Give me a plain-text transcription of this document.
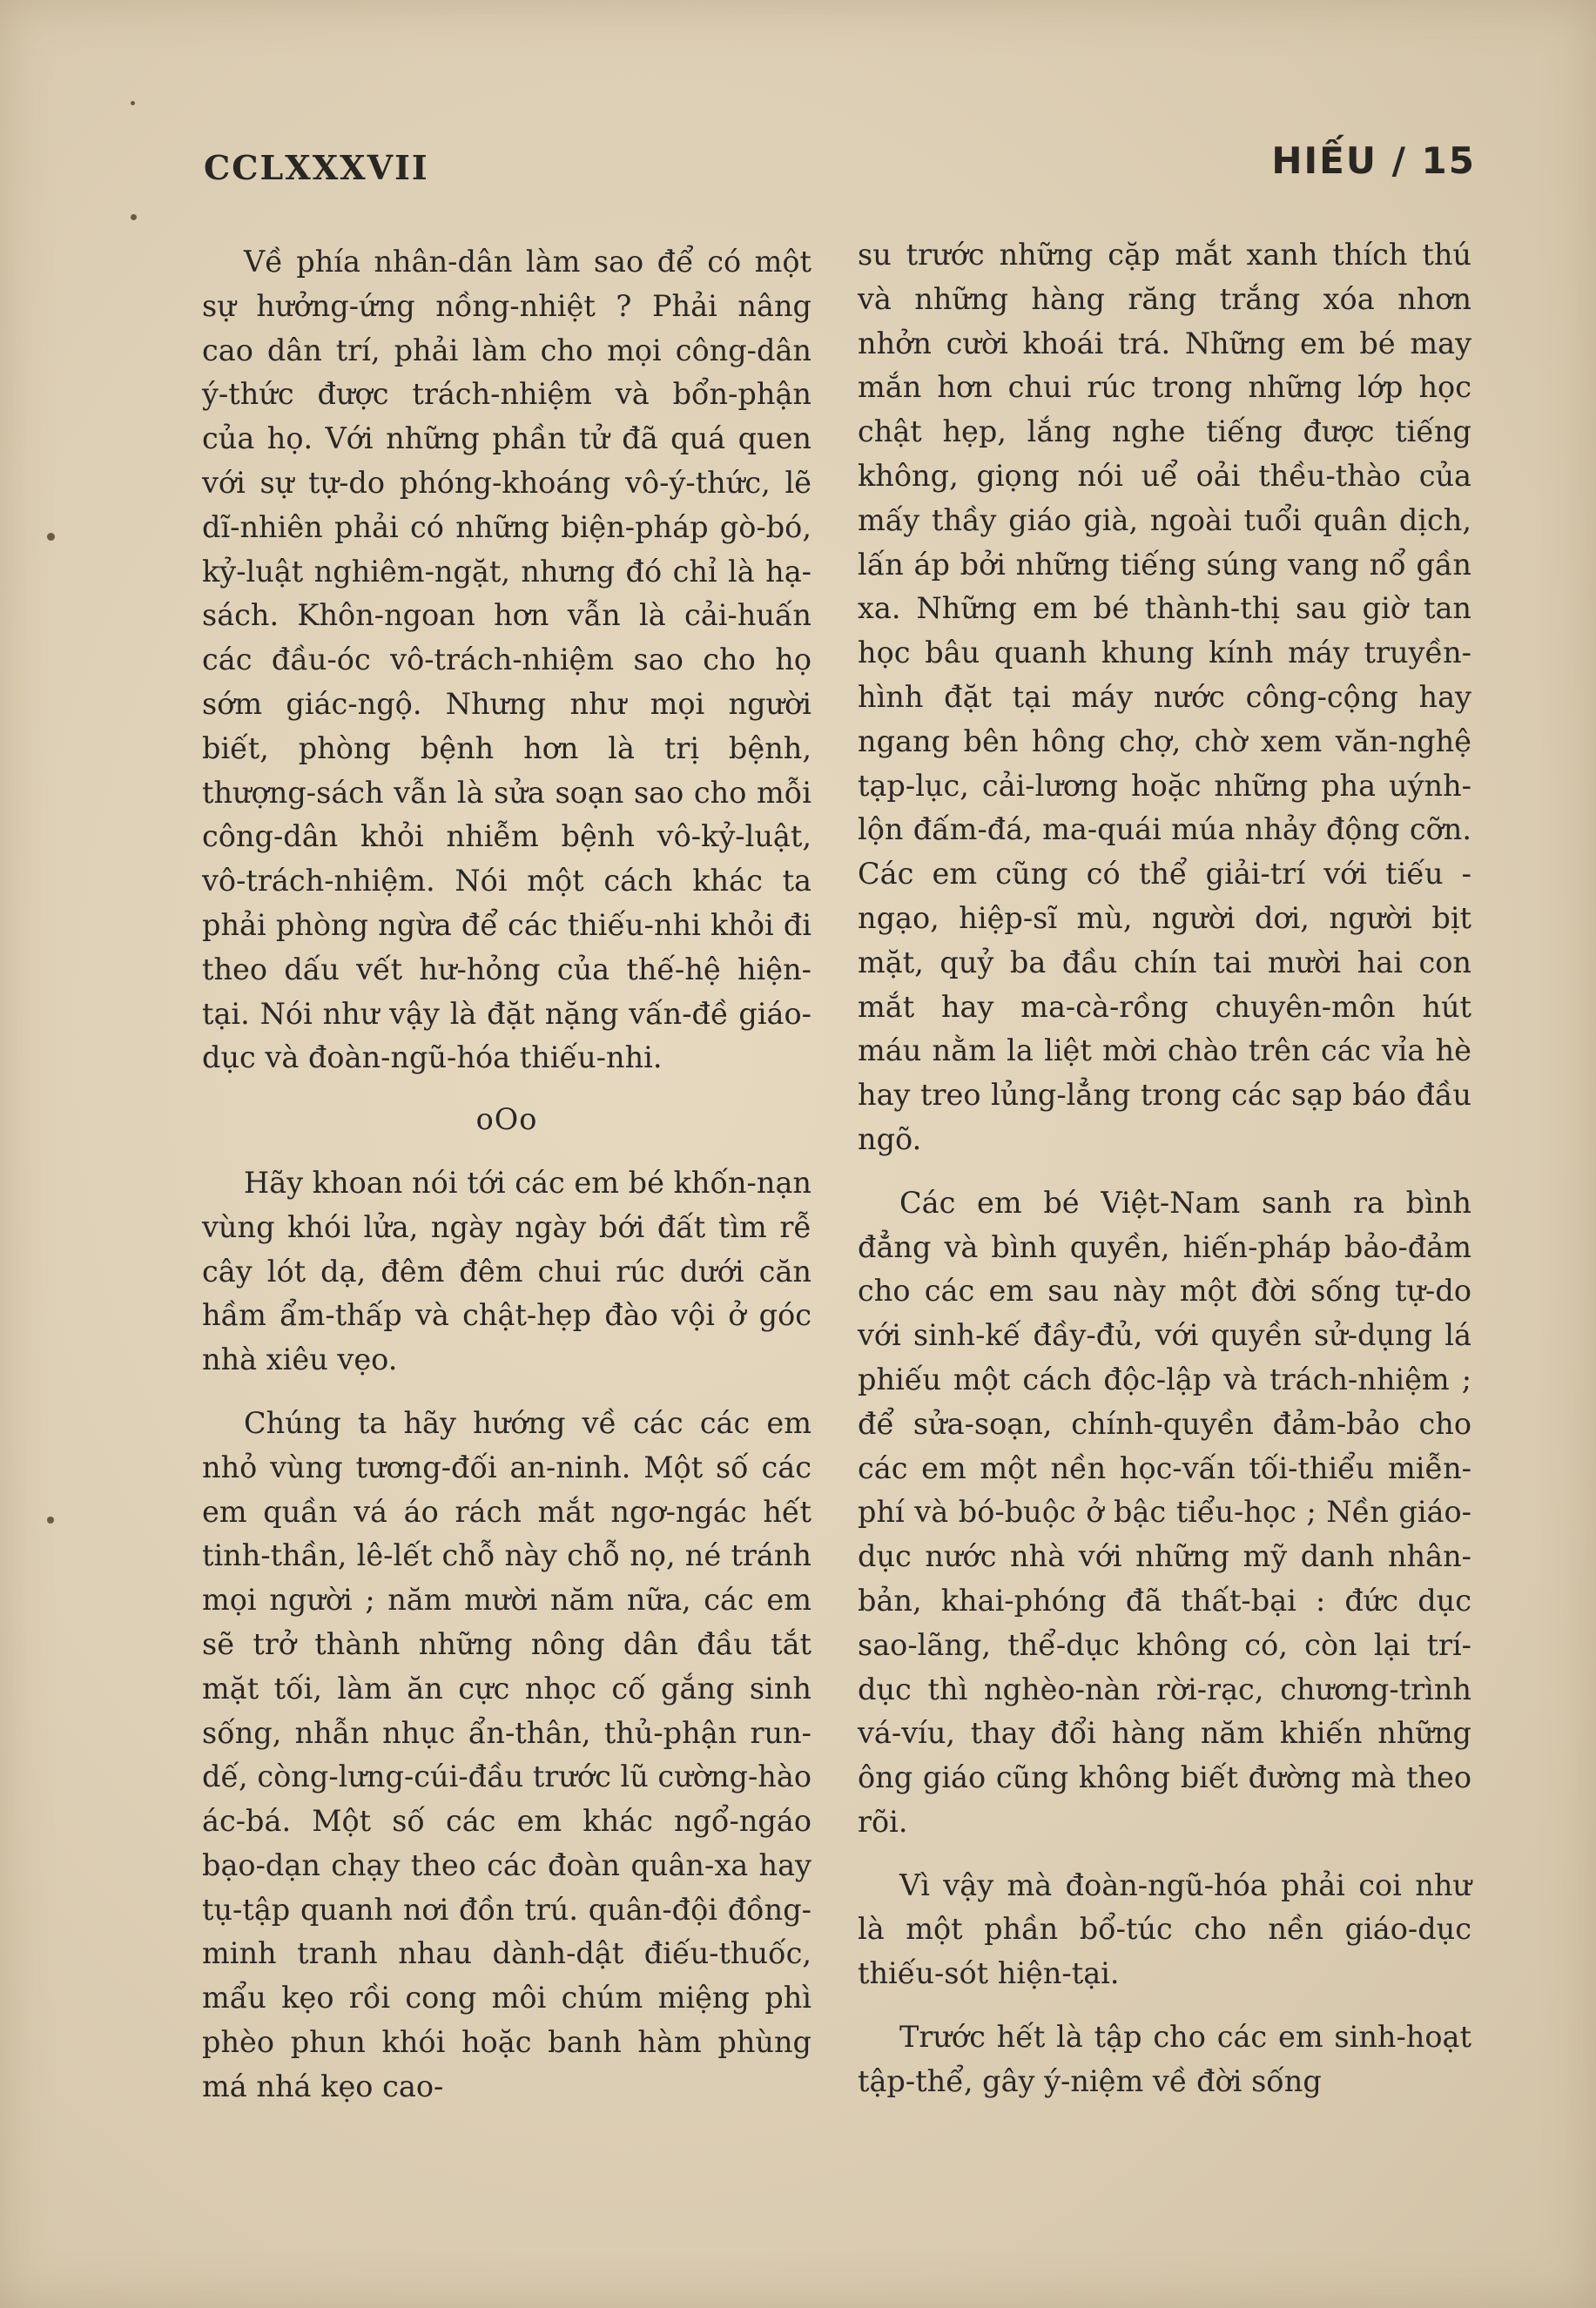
CCLXXXVII	HIẾU / 15

Về phía nhân-dân làm sao để có một sự hưởng-ứng nồng-nhiệt ? Phải nâng cao dân trí, phải làm cho mọi công-dân ý-thức được trách-nhiệm và bổn-phận của họ. Với những phần tử đã quá quen với sự tự-do phóng-khoáng vô-ý-thức, lẽ dĩ-nhiên phải có những biện-pháp gò-bó, kỷ-luật nghiêm-ngặt, nhưng đó chỉ là hạ-sách. Khôn-ngoan hơn vẫn là cải-huấn các đầu-óc vô-trách-nhiệm sao cho họ sớm giác-ngộ. Nhưng như mọi người biết, phòng bệnh hơn là trị bệnh, thượng-sách vẫn là sửa soạn sao cho mỗi công-dân khỏi nhiễm bệnh vô-kỷ-luật, vô-trách-nhiệm. Nói một cách khác ta phải phòng ngừa để các thiếu-nhi khỏi đi theo dấu vết hư-hỏng của thế-hệ hiện-tại. Nói như vậy là đặt nặng vấn-đề giáo-dục và đoàn-ngũ-hóa thiếu-nhi.

oOo

Hãy khoan nói tới các em bé khốn-nạn vùng khói lửa, ngày ngày bới đất tìm rễ cây lót dạ, đêm đêm chui rúc dưới căn hầm ẩm-thấp và chật-hẹp đào vội ở góc nhà xiêu vẹo.

Chúng ta hãy hướng về các các em nhỏ vùng tương-đối an-ninh. Một số các em quần vá áo rách mắt ngơ-ngác hết tinh-thần, lê-lết chỗ này chỗ nọ, né tránh mọi người ; năm mười năm nữa, các em sẽ trở thành những nông dân đầu tắt mặt tối, làm ăn cực nhọc cố gắng sinh sống, nhẫn nhục ẩn-thân, thủ-phận run-dế, còng-lưng-cúi-đầu trước lũ cường-hào ác-bá. Một số các em khác ngổ-ngáo bạo-dạn chạy theo các đoàn quân-xa hay tụ-tập quanh nơi đồn trú. quân-đội đồng-minh tranh nhau dành-dật điếu-thuốc, mẩu kẹo rồi cong môi chúm miệng phì phèo phun khói hoặc banh hàm phùng má nhá kẹo cao-

su trước những cặp mắt xanh thích thú và những hàng răng trắng xóa nhơn nhởn cười khoái trá. Những em bé may mắn hơn chui rúc trong những lớp học chật hẹp, lắng nghe tiếng được tiếng không, giọng nói uể oải thều-thào của mấy thầy giáo già, ngoài tuổi quân dịch, lấn áp bởi những tiếng súng vang nổ gần xa. Những em bé thành-thị sau giờ tan học bâu quanh khung kính máy truyền-hình đặt tại máy nước công-cộng hay ngang bên hông chợ, chờ xem văn-nghệ tạp-lục, cải-lương hoặc những pha uýnh-lộn đấm-đá, ma-quái múa nhảy động cỡn. Các em cũng có thể giải-trí với tiếu - ngạo, hiệp-sĩ mù, người dơi, người bịt mặt, quỷ ba đầu chín tai mười hai con mắt hay ma-cà-rồng chuyên-môn hút máu nằm la liệt mời chào trên các vỉa hè hay treo lủng-lẳng trong các sạp báo đầu ngõ.

Các em bé Việt-Nam sanh ra bình đẳng và bình quyền, hiến-pháp bảo-đảm cho các em sau này một đời sống tự-do với sinh-kế đầy-đủ, với quyền sử-dụng lá phiếu một cách độc-lập và trách-nhiệm ; để sửa-soạn, chính-quyền đảm-bảo cho các em một nền học-vấn tối-thiểu miễn-phí và bó-buộc ở bậc tiểu-học ; Nền giáo-dục nước nhà với những mỹ danh nhân-bản, khai-phóng đã thất-bại : đức dục sao-lãng, thể-dục không có, còn lại trí-dục thì nghèo-nàn rời-rạc, chương-trình vá-víu, thay đổi hàng năm khiến những ông giáo cũng không biết đường mà theo rõi.

Vì vậy mà đoàn-ngũ-hóa phải coi như là một phần bổ-túc cho nền giáo-dục thiếu-sót hiện-tại.

Trước hết là tập cho các em sinh-hoạt tập-thể, gây ý-niệm về đời sống
